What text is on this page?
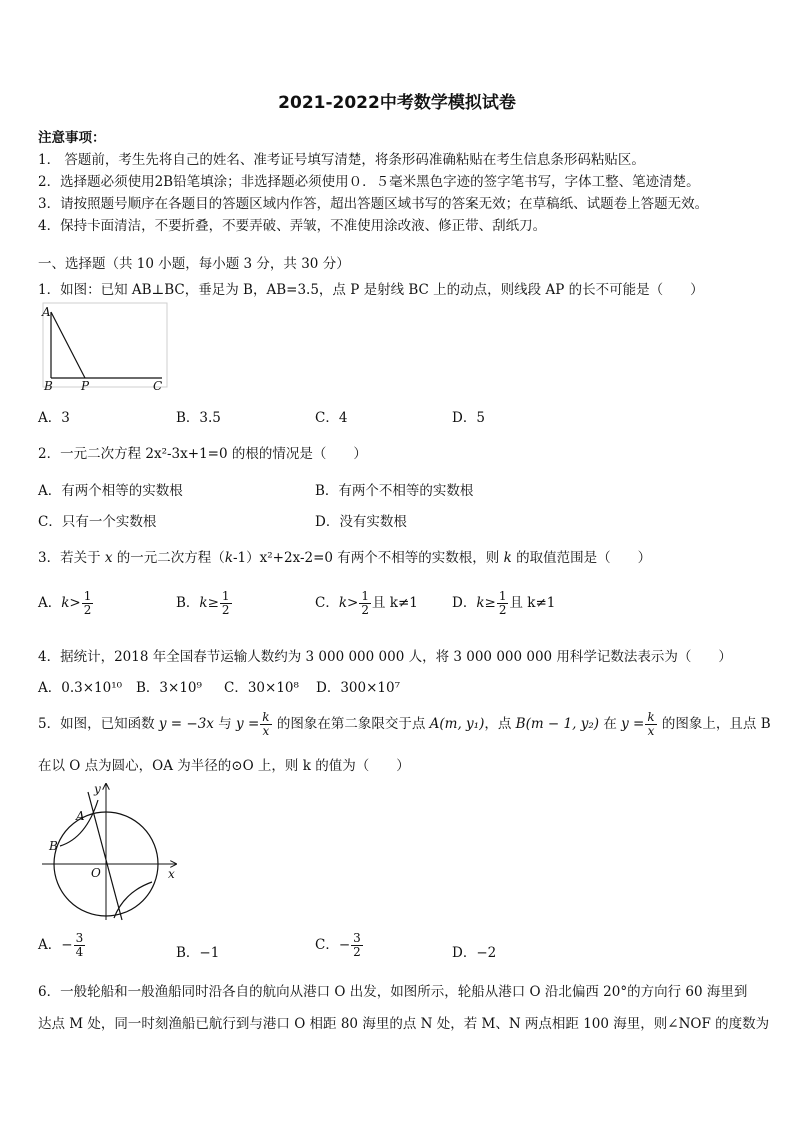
2021-2022中考数学模拟试卷
注意事项：
1． 答题前，考生先将自己的姓名、准考证号填写清楚，将条形码准确粘贴在考生信息条形码粘贴区。
2．选择题必须使用2B铅笔填涂；非选择题必须使用０．５毫米黑色字迹的签字笔书写，字体工整、笔迹清楚。
3．请按照题号顺序在各题目的答题区域内作答，超出答题区域书写的答案无效；在草稿纸、试题卷上答题无效。
4．保持卡面清洁，不要折叠，不要弄破、弄皱，不准使用涂改液、修正带、刮纸刀。
一、选择题（共 10 小题，每小题 3 分，共 30 分）
1．如图：已知 AB⊥BC，垂足为 B，AB=3.5，点 P 是射线 BC 上的动点，则线段 AP 的长不可能是（　　）
A
B P	C
A．3	B．3.5	C．4	D．5
2．一元二次方程 2x²-3x+1=0 的根的情况是（　　）
A．有两个相等的实数根	B．有两个不相等的实数根
C．只有一个实数根	D．没有实数根
3．若关于 x 的一元二次方程（k-1）x²+2x-2=0 有两个不相等的实数根，则 k 的取值范围是（　　）
A．$k> \frac{1}{2}$	B．$k\ge \frac{1}{2}$	C．$k> \frac{1}{2}$ 且 k≠1	D．$k\ge \frac{1}{2}$ 且 k≠1
4．据统计，2018 年全国春节运输人数约为 3 000 000 000 人，将 3 000 000 000 用科学记数法表示为（　　）
A．0.3×10¹⁰ B．3×10⁹ C．30×10⁸ D．300×10⁷
5．如图，已知函数 y = −3x 与 $y = \frac{k}{x}$ 的图象在第二象限交于点 A(m, y₁)，点 B(m − 1, y₂) 在 $y = \frac{k}{x}$ 的图象上，且点 B
在以 O 点为圆心，OA 为半径的⊙O 上，则 k 的值为（　　）
y
x
A
B
O
A．− $\frac{3}{4}$	B．−1	C．− $\frac{3}{2}$	D．−2
6．一般轮船和一般渔船同时沿各自的航向从港口 O 出发，如图所示，轮船从港口 O 沿北偏西 20°的方向行 60 海里到
达点 M 处，同一时刻渔船已航行到与港口 O 相距 80 海里的点 N 处，若 M、N 两点相距 100 海里，则∠NOF 的度数为
